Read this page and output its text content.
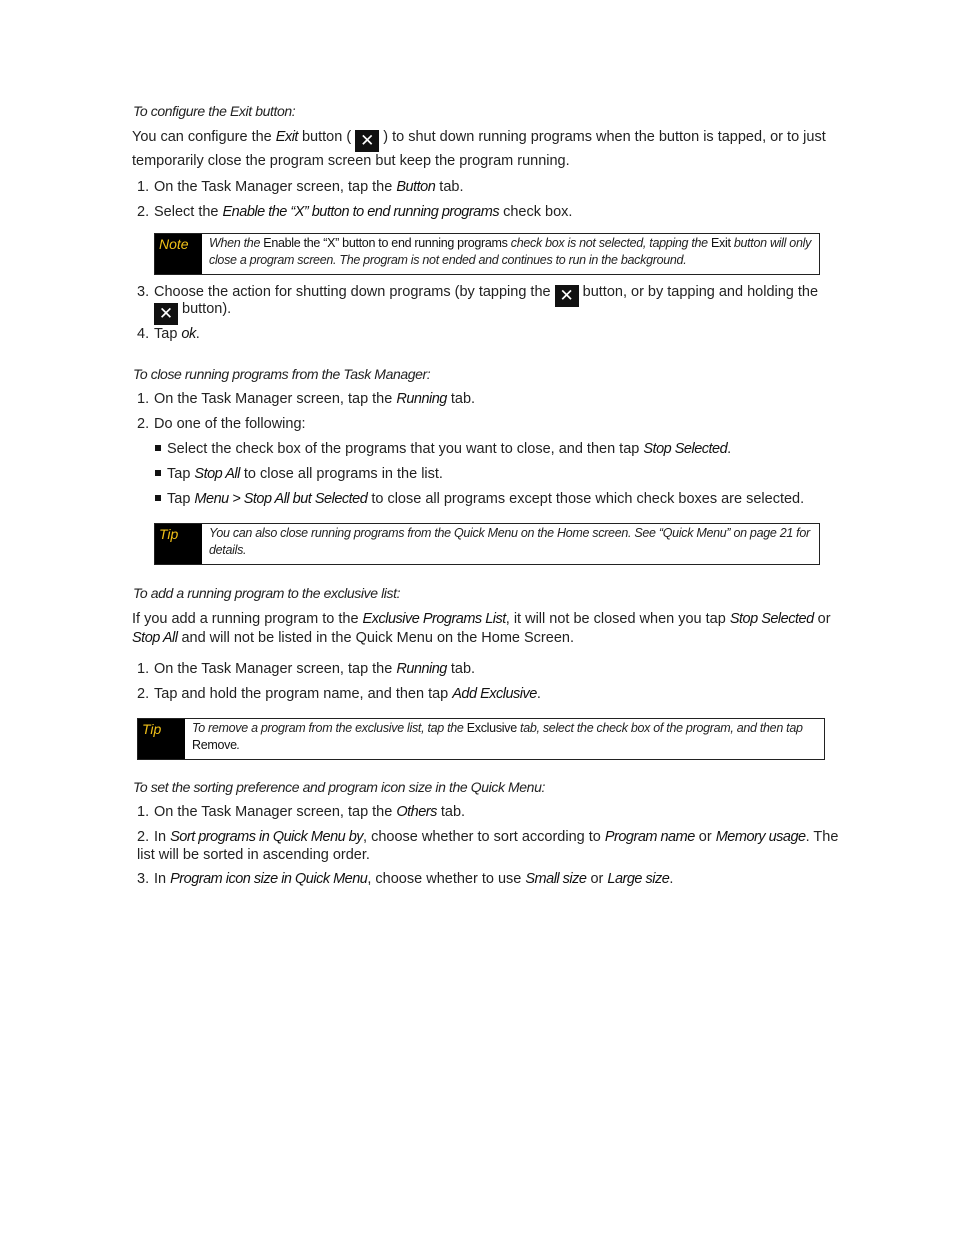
To configure the Exit button:

You can configure the Exit button ( ✕ ) to shut down running programs when the button is tapped, or to just temporarily close the program screen but keep the program running.

1. On the Task Manager screen, tap the Button tab.
2. Select the Enable the “X” button to end running programs check box.
Note	When the Enable the “X” button to end running programs check box is not selected, tapping the Exit button will only close a program screen. The program is not ended and continues to run in the background.
3. Choose the action for shutting down programs (by tapping the ✕ button, or by tapping and holding the
✕ button).
4. Tap ok.
To close running programs from the Task Manager:
1. On the Task Manager screen, tap the Running tab.
2. Do one of the following:
Select the check box of the programs that you want to close, and then tap Stop Selected.
Tap Stop All to close all programs in the list.
Tap Menu > Stop All but Selected to close all programs except those which check boxes are selected.
Tip	You can also close running programs from the Quick Menu on the Home screen. See “Quick Menu” on page 21 for details.
To add a running program to the exclusive list:

If you add a running program to the Exclusive Programs List, it will not be closed when you tap Stop Selected or Stop All and will not be listed in the Quick Menu on the Home Screen.

1. On the Task Manager screen, tap the Running tab.
2. Tap and hold the program name, and then tap Add Exclusive.
Tip	To remove a program from the exclusive list, tap the Exclusive tab, select the check box of the program, and then tap Remove.
To set the sorting preference and program icon size in the Quick Menu:
1. On the Task Manager screen, tap the Others tab.
2. In Sort programs in Quick Menu by, choose whether to sort according to Program name or Memory usage. The list will be sorted in ascending order.
3. In Program icon size in Quick Menu, choose whether to use Small size or Large size.
